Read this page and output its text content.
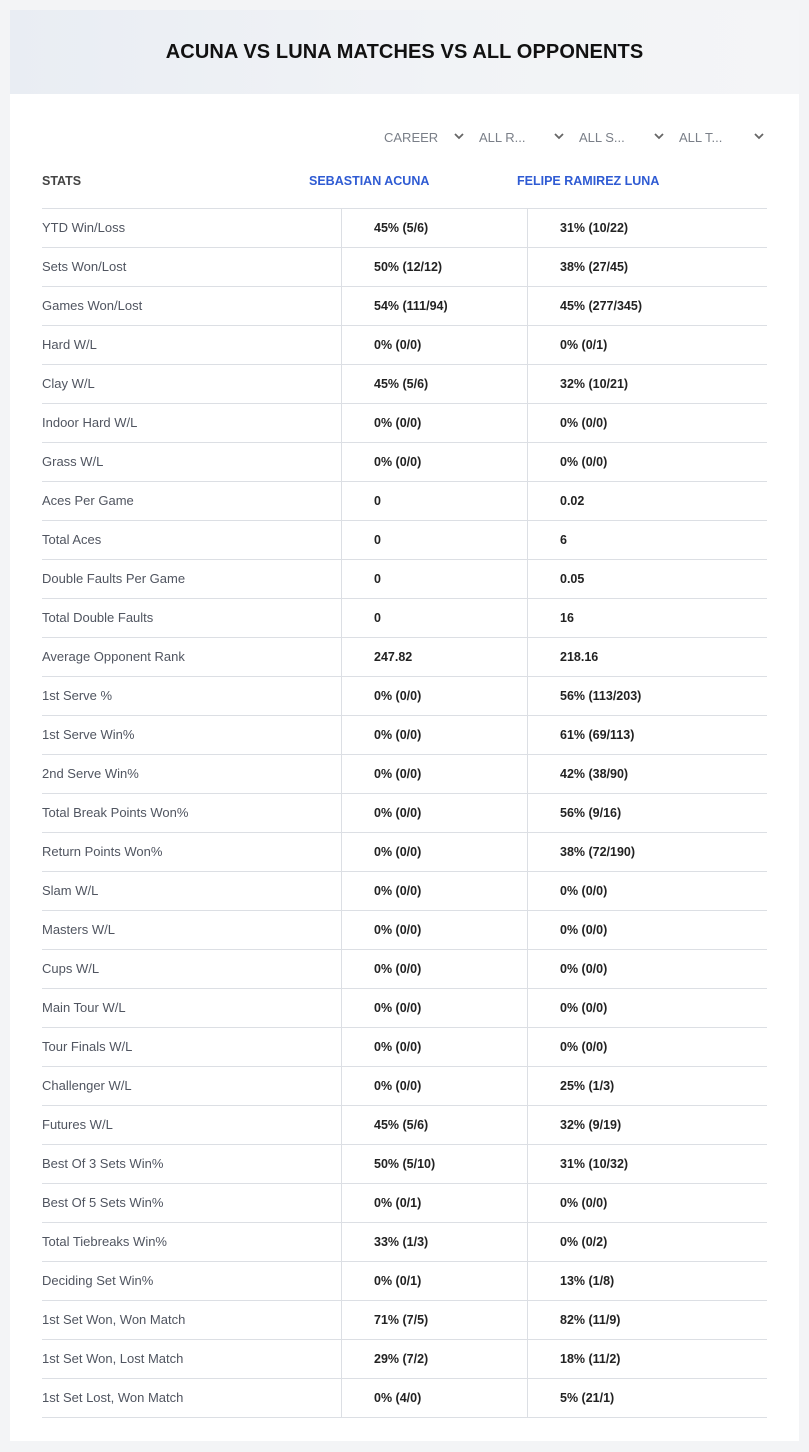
ACUNA VS LUNA MATCHES VS ALL OPPONENTS
CAREER	ALL R...	ALL S...	ALL T...
STATS	SEBASTIAN ACUNA	FELIPE RAMIREZ LUNA
YTD Win/Loss	45% (5/6)	31% (10/22)
Sets Won/Lost	50% (12/12)	38% (27/45)
Games Won/Lost	54% (111/94)	45% (277/345)
Hard W/L	0% (0/0)	0% (0/1)
Clay W/L	45% (5/6)	32% (10/21)
Indoor Hard W/L	0% (0/0)	0% (0/0)
Grass W/L	0% (0/0)	0% (0/0)
Aces Per Game	0	0.02
Total Aces	0	6
Double Faults Per Game	0	0.05
Total Double Faults	0	16
Average Opponent Rank	247.82	218.16
1st Serve %	0% (0/0)	56% (113/203)
1st Serve Win%	0% (0/0)	61% (69/113)
2nd Serve Win%	0% (0/0)	42% (38/90)
Total Break Points Won%	0% (0/0)	56% (9/16)
Return Points Won%	0% (0/0)	38% (72/190)
Slam W/L	0% (0/0)	0% (0/0)
Masters W/L	0% (0/0)	0% (0/0)
Cups W/L	0% (0/0)	0% (0/0)
Main Tour W/L	0% (0/0)	0% (0/0)
Tour Finals W/L	0% (0/0)	0% (0/0)
Challenger W/L	0% (0/0)	25% (1/3)
Futures W/L	45% (5/6)	32% (9/19)
Best Of 3 Sets Win%	50% (5/10)	31% (10/32)
Best Of 5 Sets Win%	0% (0/1)	0% (0/0)
Total Tiebreaks Win%	33% (1/3)	0% (0/2)
Deciding Set Win%	0% (0/1)	13% (1/8)
1st Set Won, Won Match	71% (7/5)	82% (11/9)
1st Set Won, Lost Match	29% (7/2)	18% (11/2)
1st Set Lost, Won Match	0% (4/0)	5% (21/1)
